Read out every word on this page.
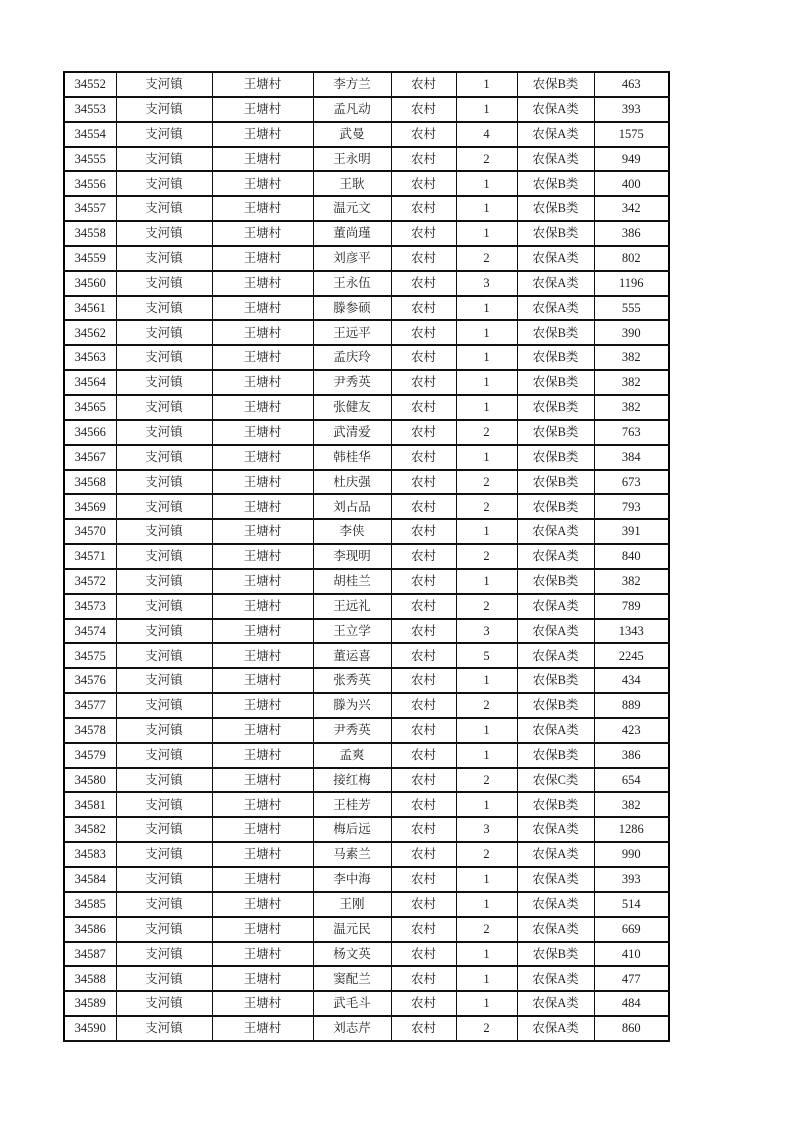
34552	支河镇	王塘村	李方兰	农村	1	农保B类	463
34553	支河镇	王塘村	孟凡动	农村	1	农保A类	393
34554	支河镇	王塘村	武曼	农村	4	农保A类	1575
34555	支河镇	王塘村	王永明	农村	2	农保A类	949
34556	支河镇	王塘村	王耿	农村	1	农保B类	400
34557	支河镇	王塘村	温元文	农村	1	农保B类	342
34558	支河镇	王塘村	董尚瑾	农村	1	农保B类	386
34559	支河镇	王塘村	刘彦平	农村	2	农保A类	802
34560	支河镇	王塘村	王永伍	农村	3	农保A类	1196
34561	支河镇	王塘村	滕参硕	农村	1	农保A类	555
34562	支河镇	王塘村	王远平	农村	1	农保B类	390
34563	支河镇	王塘村	孟庆玲	农村	1	农保B类	382
34564	支河镇	王塘村	尹秀英	农村	1	农保B类	382
34565	支河镇	王塘村	张健友	农村	1	农保B类	382
34566	支河镇	王塘村	武清爱	农村	2	农保B类	763
34567	支河镇	王塘村	韩桂华	农村	1	农保B类	384
34568	支河镇	王塘村	杜庆强	农村	2	农保B类	673
34569	支河镇	王塘村	刘占品	农村	2	农保B类	793
34570	支河镇	王塘村	李侠	农村	1	农保A类	391
34571	支河镇	王塘村	李现明	农村	2	农保A类	840
34572	支河镇	王塘村	胡桂兰	农村	1	农保B类	382
34573	支河镇	王塘村	王远礼	农村	2	农保A类	789
34574	支河镇	王塘村	王立学	农村	3	农保A类	1343
34575	支河镇	王塘村	董运喜	农村	5	农保A类	2245
34576	支河镇	王塘村	张秀英	农村	1	农保B类	434
34577	支河镇	王塘村	滕为兴	农村	2	农保B类	889
34578	支河镇	王塘村	尹秀英	农村	1	农保A类	423
34579	支河镇	王塘村	孟爽	农村	1	农保B类	386
34580	支河镇	王塘村	接红梅	农村	2	农保C类	654
34581	支河镇	王塘村	王桂芳	农村	1	农保B类	382
34582	支河镇	王塘村	梅后远	农村	3	农保A类	1286
34583	支河镇	王塘村	马素兰	农村	2	农保A类	990
34584	支河镇	王塘村	李中海	农村	1	农保A类	393
34585	支河镇	王塘村	王刚	农村	1	农保A类	514
34586	支河镇	王塘村	温元民	农村	2	农保A类	669
34587	支河镇	王塘村	杨文英	农村	1	农保B类	410
34588	支河镇	王塘村	窦配兰	农村	1	农保A类	477
34589	支河镇	王塘村	武毛斗	农村	1	农保A类	484
34590	支河镇	王塘村	刘志芹	农村	2	农保A类	860
